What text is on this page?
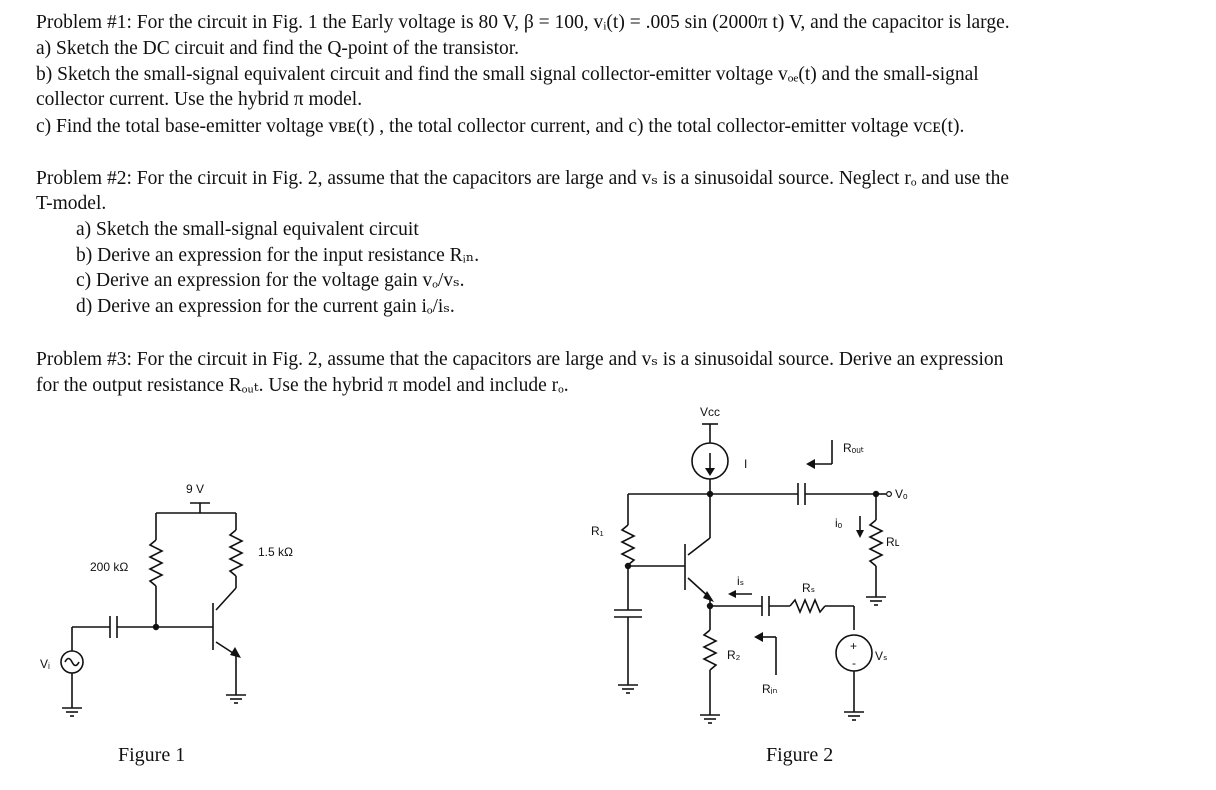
Problem #1: For the circuit in Fig. 1 the Early voltage is 80 V, β = 100, vᵢ(t) = .005 sin (2000π t) V, and the capacitor is large.
a) Sketch the DC circuit and find the Q-point of the transistor.
b) Sketch the small-signal equivalent circuit and find the small signal collector-emitter voltage vₒₑ(t) and the small-signal
collector current. Use the hybrid π model.
c) Find the total base-emitter voltage vʙᴇ(t) , the total collector current, and c) the total collector-emitter voltage vᴄᴇ(t).
Problem #2: For the circuit in Fig. 2, assume that the capacitors are large and vₛ is a sinusoidal source. Neglect rₒ and use the
T-model.
a) Sketch the small-signal equivalent circuit
b) Derive an expression for the input resistance Rᵢₙ.
c) Derive an expression for the voltage gain vₒ/vₛ.
d) Derive an expression for the current gain iₒ/iₛ.
Problem #3: For the circuit in Fig. 2, assume that the capacitors are large and vₛ is a sinusoidal source. Derive an expression
for the output resistance Rₒᵤₜ. Use the hybrid π model and include rₒ.
9 V
200 kΩ
1.5 kΩ
Vᵢ
Vcc
I
R₁
R₂
Rₛ
Rʟ
Rᵢₙ
Rₒᵤₜ
Vₒ
Vₛ
iₛ
iₒ
+
-
Figure 1	Figure 2
